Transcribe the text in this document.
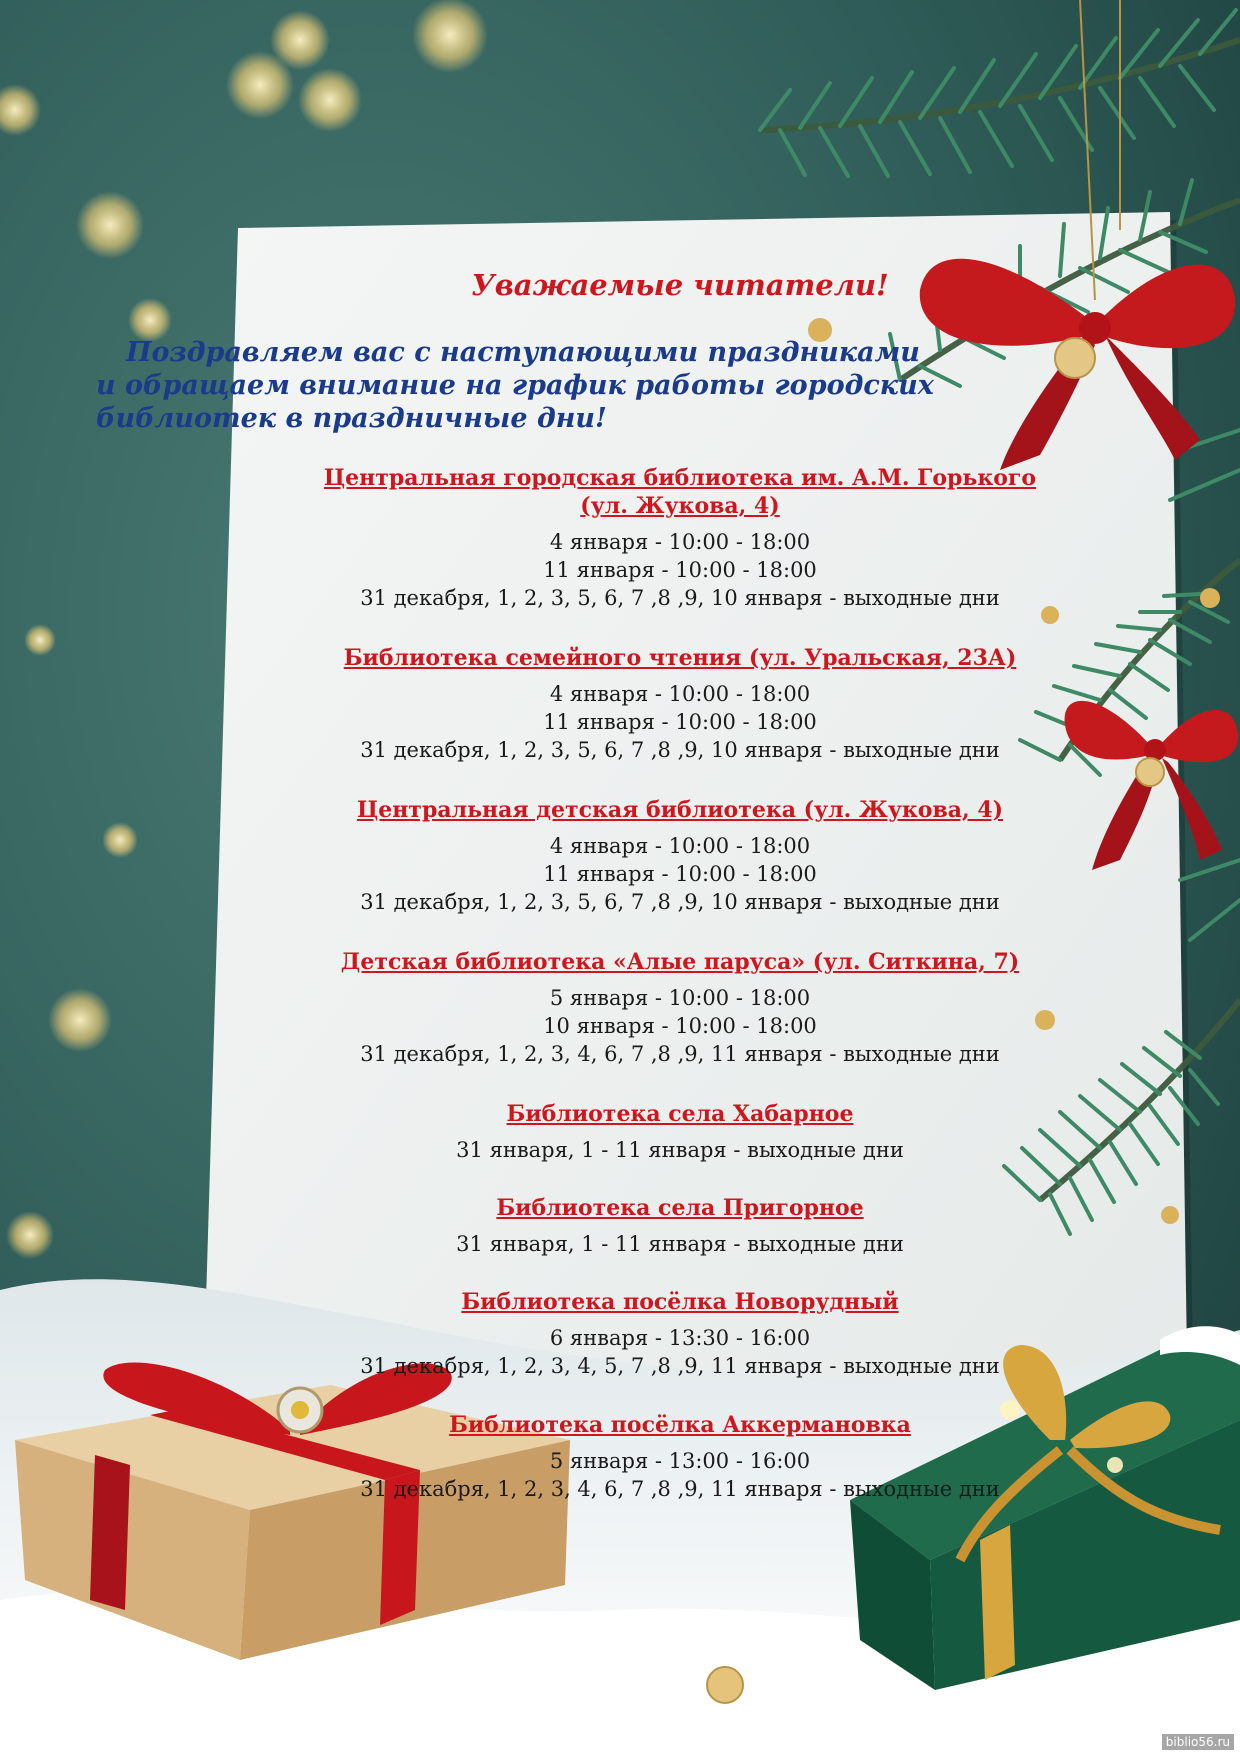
Уважаемые читатели!

Поздравляем вас с наступающими праздниками
и обращаем внимание на график работы городских
библиотек в праздничные дни!

Центральная городская библиотека им. А.М. Горького
(ул. Жукова, 4)
4 января - 10:00 - 18:00
11 января - 10:00 - 18:00
31 декабря, 1, 2, 3, 5, 6, 7 ,8 ,9, 10 января - выходные дни
Библиотека семейного чтения (ул. Уральская, 23А)
4 января - 10:00 - 18:00
11 января - 10:00 - 18:00
31 декабря, 1, 2, 3, 5, 6, 7 ,8 ,9, 10 января - выходные дни
Центральная детская библиотека (ул. Жукова, 4)
4 января - 10:00 - 18:00
11 января - 10:00 - 18:00
31 декабря, 1, 2, 3, 5, 6, 7 ,8 ,9, 10 января - выходные дни
Детская библиотека «Алые паруса» (ул. Ситкина, 7)
5 января - 10:00 - 18:00
10 января - 10:00 - 18:00
31 декабря, 1, 2, 3, 4, 6, 7 ,8 ,9, 11 января - выходные дни
Библиотека села Хабарное
31 января, 1 - 11 января - выходные дни
Библиотека села Пригорное
31 января, 1 - 11 января - выходные дни
Библиотека посёлка Новорудный
6 января - 13:30 - 16:00
31 декабря, 1, 2, 3, 4, 5, 7 ,8 ,9, 11 января - выходные дни
Библиотека посёлка Аккермановка
5 января - 13:00 - 16:00
31 декабря, 1, 2, 3, 4, 6, 7 ,8 ,9, 11 января - выходные дни
biblio56.ru
